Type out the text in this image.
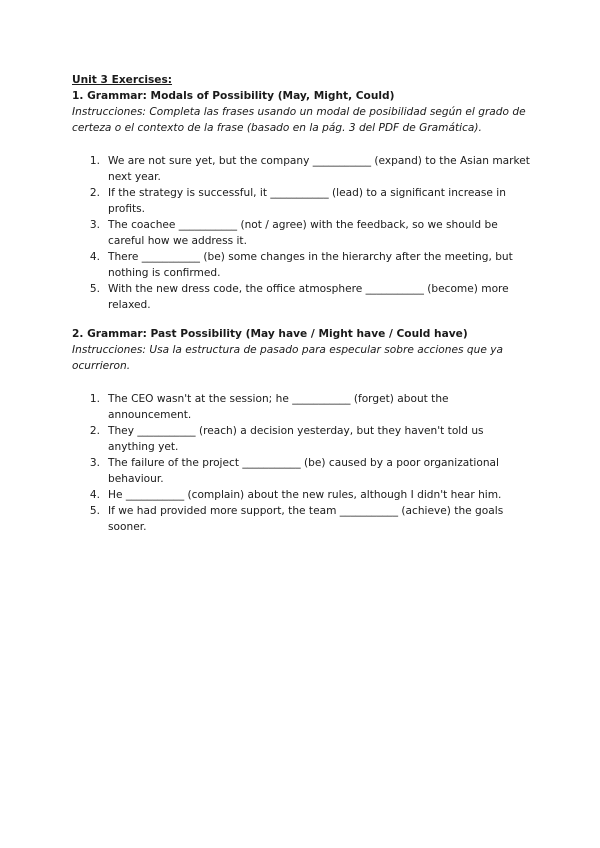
Unit 3 Exercises:

1. Grammar: Modals of Possibility (May, Might, Could)

Instrucciones: Completa las frases usando un modal de posibilidad según el grado de certeza o el contexto de la frase (basado en la pág. 3 del PDF de Gramática).

1. We are not sure yet, but the company ___________ (expand) to the Asian market next year.
2. If the strategy is successful, it ___________ (lead) to a significant increase in profits.
3. The coachee ___________ (not / agree) with the feedback, so we should be careful how we address it.
4. There ___________ (be) some changes in the hierarchy after the meeting, but nothing is confirmed.
5. With the new dress code, the office atmosphere ___________ (become) more relaxed.

2. Grammar: Past Possibility (May have / Might have / Could have)

Instrucciones: Usa la estructura de pasado para especular sobre acciones que ya ocurrieron.

1. The CEO wasn't at the session; he ___________ (forget) about the announcement.
2. They ___________ (reach) a decision yesterday, but they haven't told us anything yet.
3. The failure of the project ___________ (be) caused by a poor organizational behaviour.
4. He ___________ (complain) about the new rules, although I didn't hear him.
5. If we had provided more support, the team ___________ (achieve) the goals sooner.
